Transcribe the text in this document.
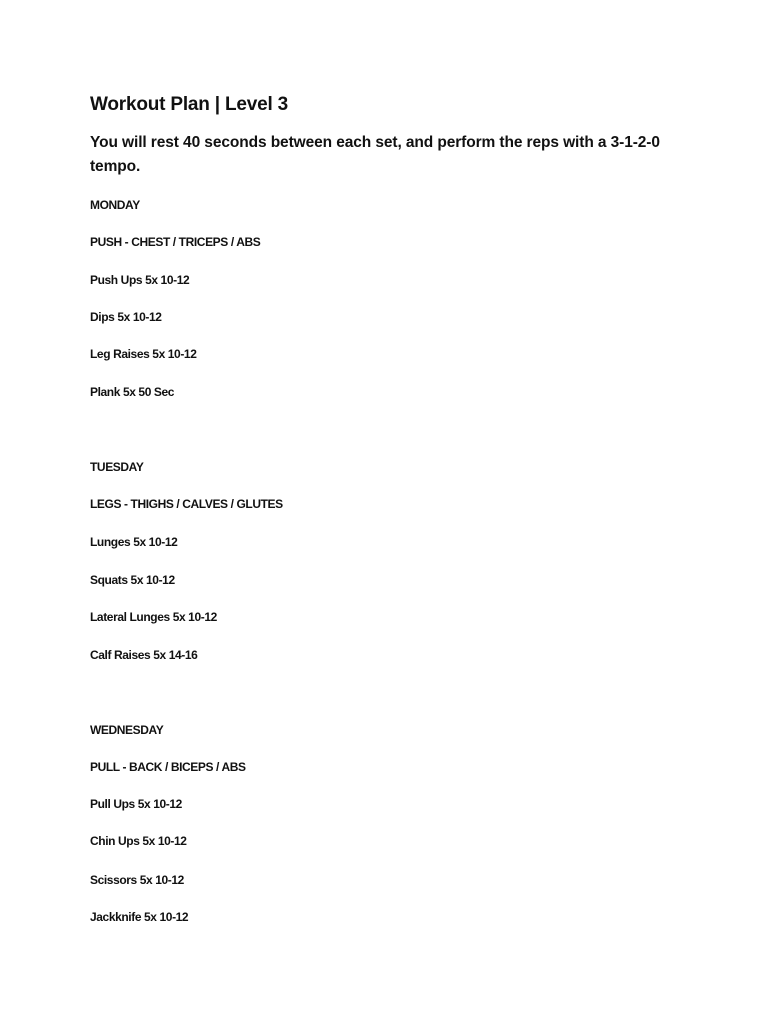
Workout Plan | Level 3
You will rest 40 seconds between each set, and perform the reps with a 3-1-2-0 tempo.
MONDAY
PUSH - CHEST / TRICEPS / ABS
Push Ups 5x 10-12
Dips 5x 10-12
Leg Raises 5x 10-12
Plank 5x 50 Sec
TUESDAY
LEGS - THIGHS / CALVES / GLUTES
Lunges 5x 10-12
Squats 5x 10-12
Lateral Lunges 5x 10-12
Calf Raises 5x 14-16
WEDNESDAY
PULL - BACK / BICEPS / ABS
Pull Ups 5x 10-12
Chin Ups 5x 10-12
Scissors 5x 10-12
Jackknife 5x 10-12
